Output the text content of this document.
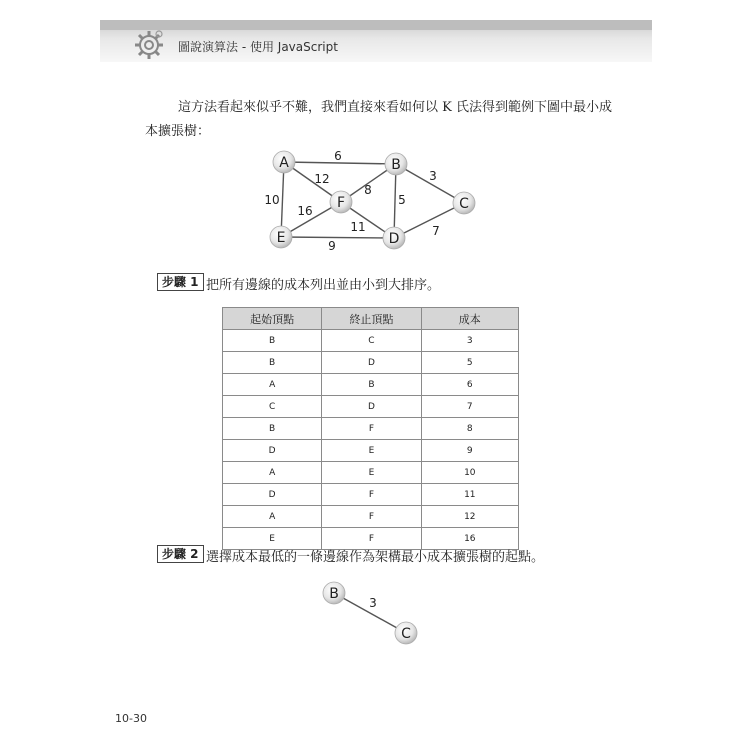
圖說演算法 - 使用 JavaScript
這方法看起來似乎不難，我們直接來看如何以 K 氏法得到範例下圖中最小成
本擴張樹：
6
12
10
3
8
5
16
11
9
7
A	B
C
D
E
F
步驟 1 把所有邊線的成本列出並由小到大排序。
起始頂點	終止頂點	成本
B	C	3
B	D	5
A	B	6
C	D	7
B	F	8
D	E	9
A	E	10
D	F	11
A	F	12
E	F	16
步驟 2 選擇成本最低的一條邊線作為架構最小成本擴張樹的起點。
3
B
C
10-30
